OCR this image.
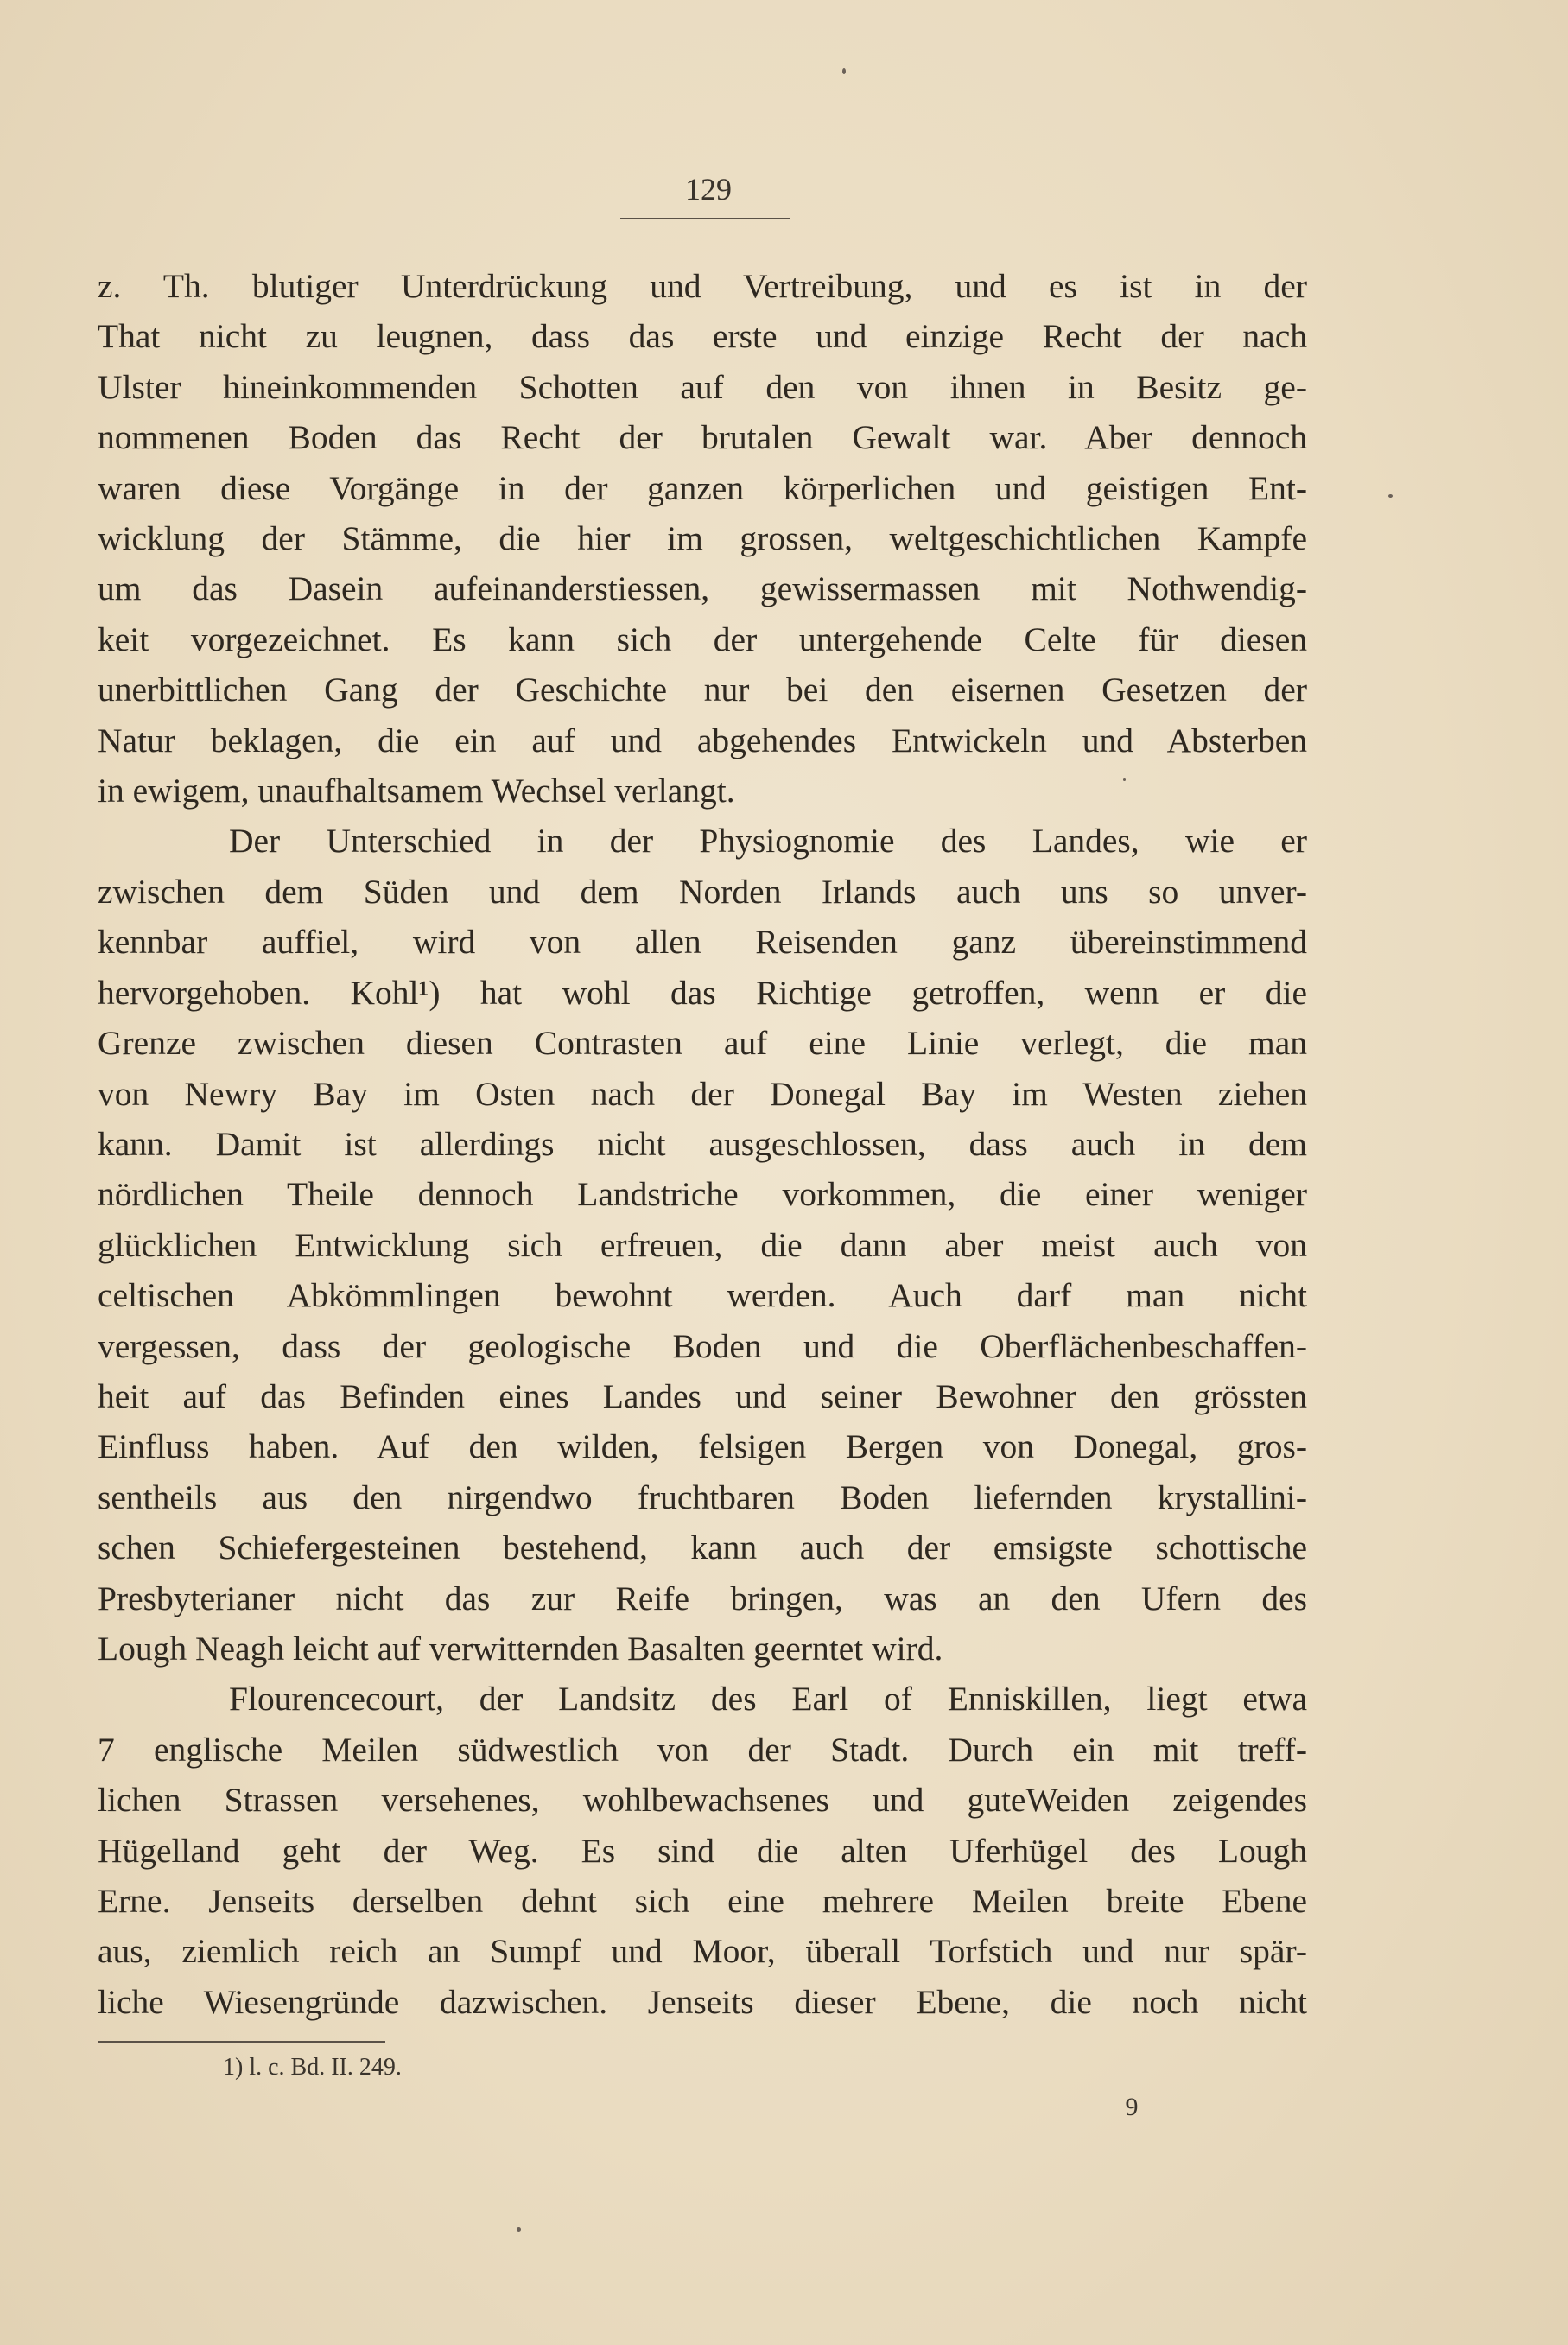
129

z. Th. blutiger Unterdrückung und Vertreibung, und es ist in der
That nicht zu leugnen, dass das erste und einzige Recht der nach
Ulster hineinkommenden Schotten auf den von ihnen in Besitz ge-
nommenen Boden das Recht der brutalen Gewalt war. Aber dennoch
waren diese Vorgänge in der ganzen körperlichen und geistigen Ent-
wicklung der Stämme, die hier im grossen, weltgeschichtlichen Kampfe
um das Dasein aufeinanderstiessen, gewissermassen mit Nothwendig-
keit vorgezeichnet. Es kann sich der untergehende Celte für diesen
unerbittlichen Gang der Geschichte nur bei den eisernen Gesetzen der
Natur beklagen, die ein auf und abgehendes Entwickeln und Absterben
in ewigem, unaufhaltsamem Wechsel verlangt.

Der Unterschied in der Physiognomie des Landes, wie er
zwischen dem Süden und dem Norden Irlands auch uns so unver-
kennbar auffiel, wird von allen Reisenden ganz übereinstimmend
hervorgehoben. Kohl¹) hat wohl das Richtige getroffen, wenn er die
Grenze zwischen diesen Contrasten auf eine Linie verlegt, die man
von Newry Bay im Osten nach der Donegal Bay im Westen ziehen
kann. Damit ist allerdings nicht ausgeschlossen, dass auch in dem
nördlichen Theile dennoch Landstriche vorkommen, die einer weniger
glücklichen Entwicklung sich erfreuen, die dann aber meist auch von
celtischen Abkömmlingen bewohnt werden. Auch darf man nicht
vergessen, dass der geologische Boden und die Oberflächenbeschaffen-
heit auf das Befinden eines Landes und seiner Bewohner den grössten
Einfluss haben. Auf den wilden, felsigen Bergen von Donegal, gros-
sentheils aus den nirgendwo fruchtbaren Boden liefernden krystallini-
schen Schiefergesteinen bestehend, kann auch der emsigste schottische
Presbyterianer nicht das zur Reife bringen, was an den Ufern des
Lough Neagh leicht auf verwitternden Basalten geerntet wird.

Flourencecourt, der Landsitz des Earl of Enniskillen, liegt etwa
7 englische Meilen südwestlich von der Stadt. Durch ein mit treff-
lichen Strassen versehenes, wohlbewachsenes und guteWeiden zeigendes
Hügelland geht der Weg. Es sind die alten Uferhügel des Lough
Erne. Jenseits derselben dehnt sich eine mehrere Meilen breite Ebene
aus, ziemlich reich an Sumpf und Moor, überall Torfstich und nur spär-
liche Wiesengründe dazwischen. Jenseits dieser Ebene, die noch nicht

1) l. c. Bd. II. 249.
9
